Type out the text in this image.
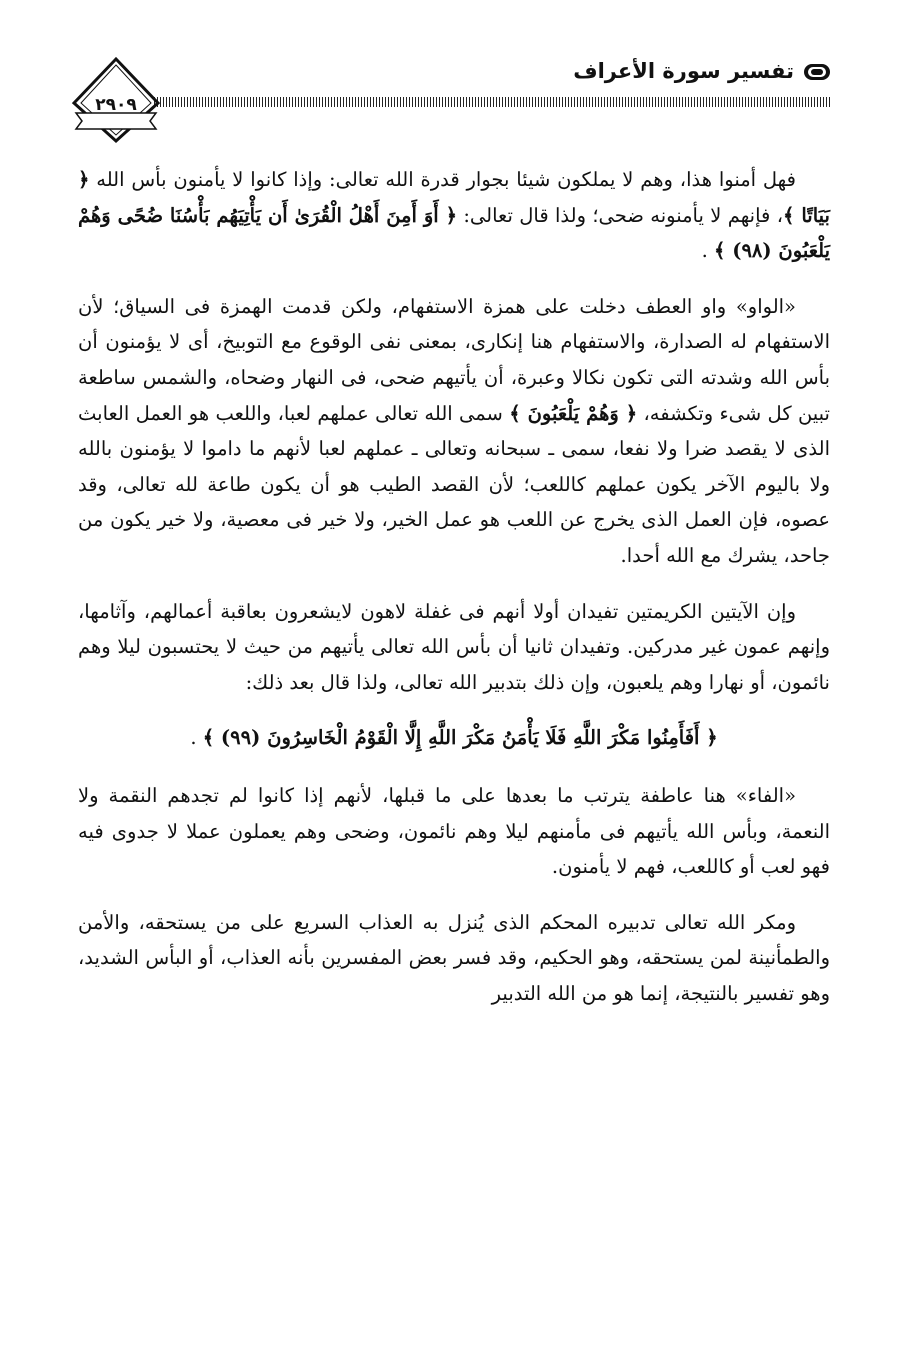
تفسير سورة الأعراف
٢٩٠٩

فهل أمنوا هذا، وهم لا يملكون شيئا بجوار قدرة الله تعالى: وإذا كانوا لا يأمنون بأس الله ﴿ بَيَاتًا ﴾، فإنهم لا يأمنونه ضحى؛ ولذا قال تعالى: ﴿ أَوَ أَمِنَ أَهْلُ الْقُرَىٰ أَن يَأْتِيَهُم بَأْسُنَا ضُحًى وَهُمْ يَلْعَبُونَ (٩٨) ﴾ .

«الواو» واو العطف دخلت على همزة الاستفهام، ولكن قدمت الهمزة فى السياق؛ لأن الاستفهام له الصدارة، والاستفهام هنا إنكارى، بمعنى نفى الوقوع مع التوبيخ، أى لا يؤمنون أن بأس الله وشدته التى تكون نكالا وعبرة، أن يأتيهم ضحى، فى النهار وضحاه، والشمس ساطعة تبين كل شىء وتكشفه، ﴿ وَهُمْ يَلْعَبُونَ ﴾ سمى الله تعالى عملهم لعبا، واللعب هو العمل العابث الذى لا يقصد ضرا ولا نفعا، سمى ـ سبحانه وتعالى ـ عملهم لعبا لأنهم ما داموا لا يؤمنون بالله ولا باليوم الآخر يكون عملهم كاللعب؛ لأن القصد الطيب هو أن يكون طاعة لله تعالى، وقد عصوه، فإن العمل الذى يخرج عن اللعب هو عمل الخير، ولا خير فى معصية، ولا خير يكون من جاحد، يشرك مع الله أحدا.

وإن الآيتين الكريمتين تفيدان أولا أنهم فى غفلة لاهون لايشعرون بعاقبة أعمالهم، وآثامها، وإنهم عمون غير مدركين. وتفيدان ثانيا أن بأس الله تعالى يأتيهم من حيث لا يحتسبون ليلا وهم نائمون، أو نهارا وهم يلعبون، وإن ذلك بتدبير الله تعالى، ولذا قال بعد ذلك:

﴿ أَفَأَمِنُوا مَكْرَ اللَّهِ فَلَا يَأْمَنُ مَكْرَ اللَّهِ إِلَّا الْقَوْمُ الْخَاسِرُونَ (٩٩) ﴾ .

«الفاء» هنا عاطفة يترتب ما بعدها على ما قبلها، لأنهم إذا كانوا لم تجدهم النقمة ولا النعمة، وبأس الله يأتيهم فى مأمنهم ليلا وهم نائمون، وضحى وهم يعملون عملا لا جدوى فيه فهو لعب أو كاللعب، فهم لا يأمنون.

ومكر الله تعالى تدبيره المحكم الذى يُنزل به العذاب السريع على من يستحقه، والأمن والطمأنينة لمن يستحقه، وهو الحكيم، وقد فسر بعض المفسرين بأنه العذاب، أو البأس الشديد، وهو تفسير بالنتيجة، إنما هو من الله التدبير
